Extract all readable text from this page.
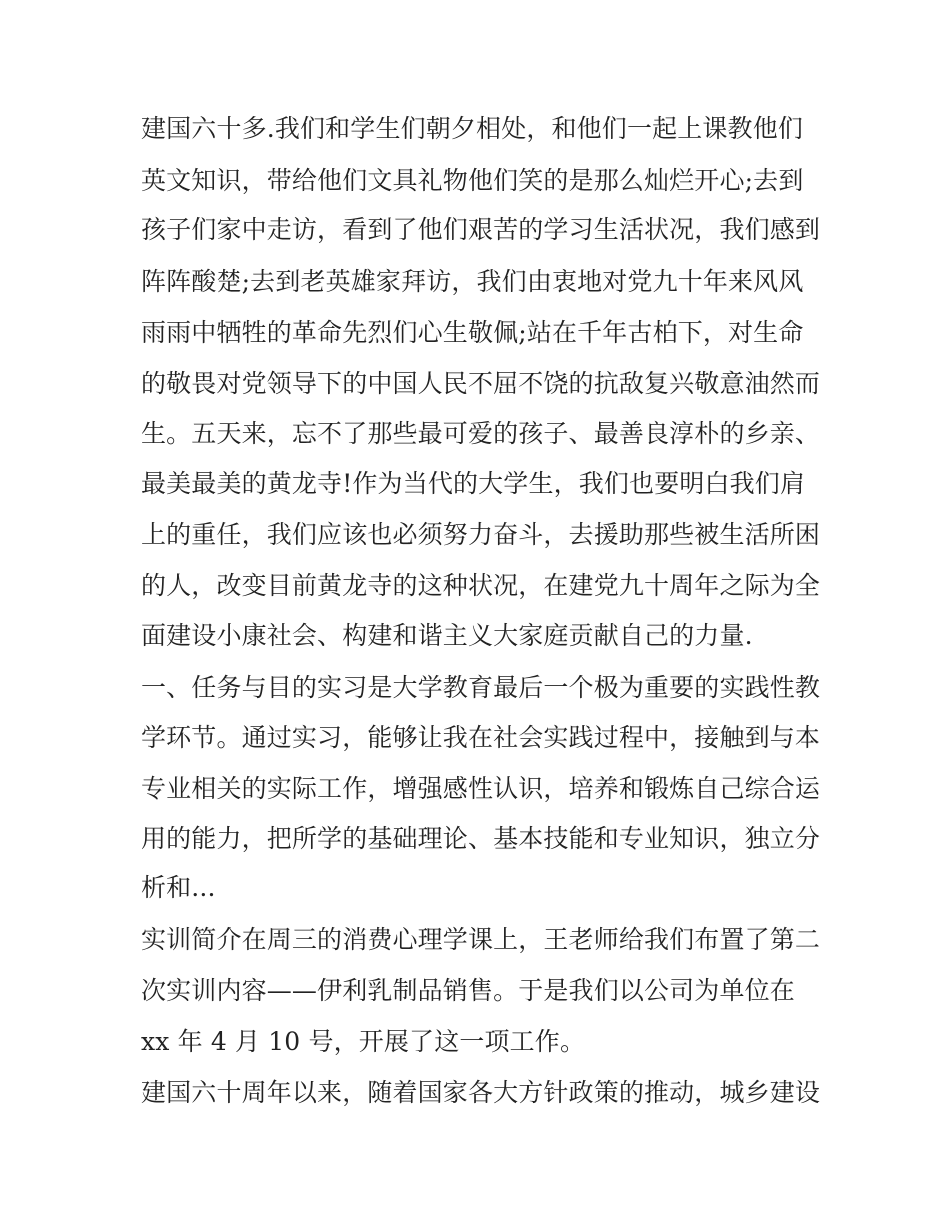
建国六十多.我们和学生们朝夕相处，和他们一起上课教他们
英文知识，带给他们文具礼物他们笑的是那么灿烂开心;去到
孩子们家中走访，看到了他们艰苦的学习生活状况，我们感到
阵阵酸楚;去到老英雄家拜访，我们由衷地对党九十年来风风
雨雨中牺牲的革命先烈们心生敬佩;站在千年古柏下，对生命
的敬畏对党领导下的中国人民不屈不饶的抗敌复兴敬意油然而
生。五天来，忘不了那些最可爱的孩子、最善良淳朴的乡亲、
最美最美的黄龙寺!作为当代的大学生，我们也要明白我们肩
上的重任，我们应该也必须努力奋斗，去援助那些被生活所困
的人，改变目前黄龙寺的这种状况，在建党九十周年之际为全
面建设小康社会、构建和谐主义大家庭贡献自己的力量.
一、任务与目的实习是大学教育最后一个极为重要的实践性教
学环节。通过实习，能够让我在社会实践过程中，接触到与本
专业相关的实际工作，增强感性认识，培养和锻炼自己综合运
用的能力，把所学的基础理论、基本技能和专业知识，独立分
析和...
实训简介在周三的消费心理学课上，王老师给我们布置了第二
次实训内容——伊利乳制品销售。于是我们以公司为单位在
xx 年 4 月 10 号，开展了这一项工作。
建国六十周年以来，随着国家各大方针政策的推动，城乡建设
